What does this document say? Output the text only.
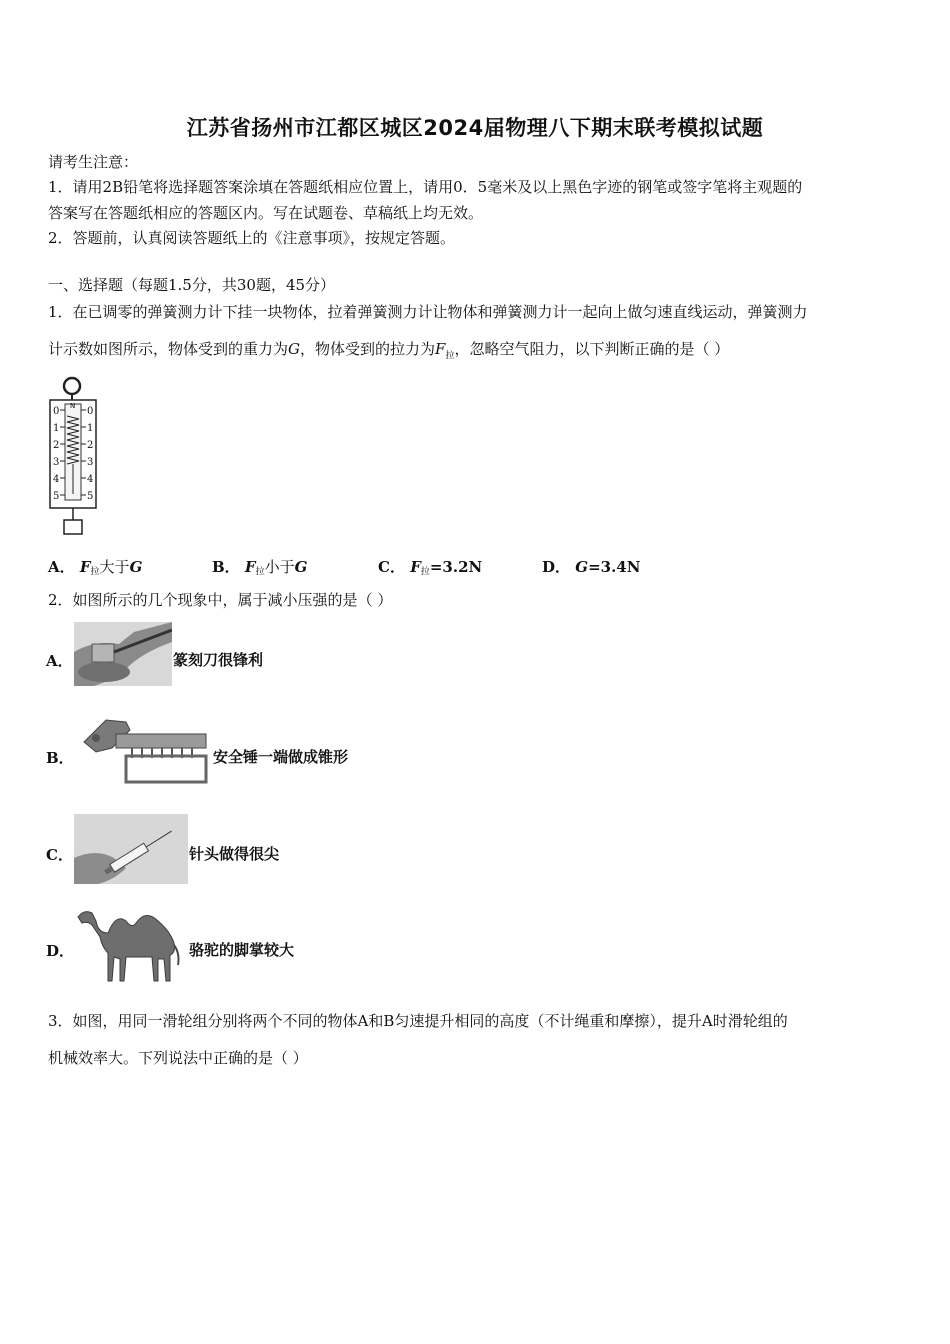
江苏省扬州市江都区城区2024届物理八下期末联考模拟试题
请考生注意：
1．请用2B铅笔将选择题答案涂填在答题纸相应位置上，请用0．5毫米及以上黑色字迹的钢笔或签字笔将主观题的
答案写在答题纸相应的答题区内。写在试题卷、草稿纸上均无效。
2．答题前，认真阅读答题纸上的《注意事项》，按规定答题。
一、选择题（每题1.5分，共30题，45分）
1．在已调零的弹簧测力计下挂一块物体，拉着弹簧测力计让物体和弹簧测力计一起向上做匀速直线运动，弹簧测力
计示数如图所示，物体受到的重力为G，物体受到的拉力为$F_拉$，忽略空气阻力，以下判断正确的是（ ）
N
0
1
2
3
4
5
0
1
2
3
4
5
A． $F_拉$大于G	B． $F_拉$小于G	C． $F_拉=3.2N$	D． G=3.4N
2．如图所示的几个现象中，属于减小压强的是（ ）
A．	篆刻刀很锋利
B．	安全锤一端做成锥形
C．	针头做得很尖
D．	骆驼的脚掌较大
3．如图，用同一滑轮组分别将两个不同的物体A和B匀速提升相同的高度（不计绳重和摩擦），提升A时滑轮组的
机械效率大。下列说法中正确的是（ ）
